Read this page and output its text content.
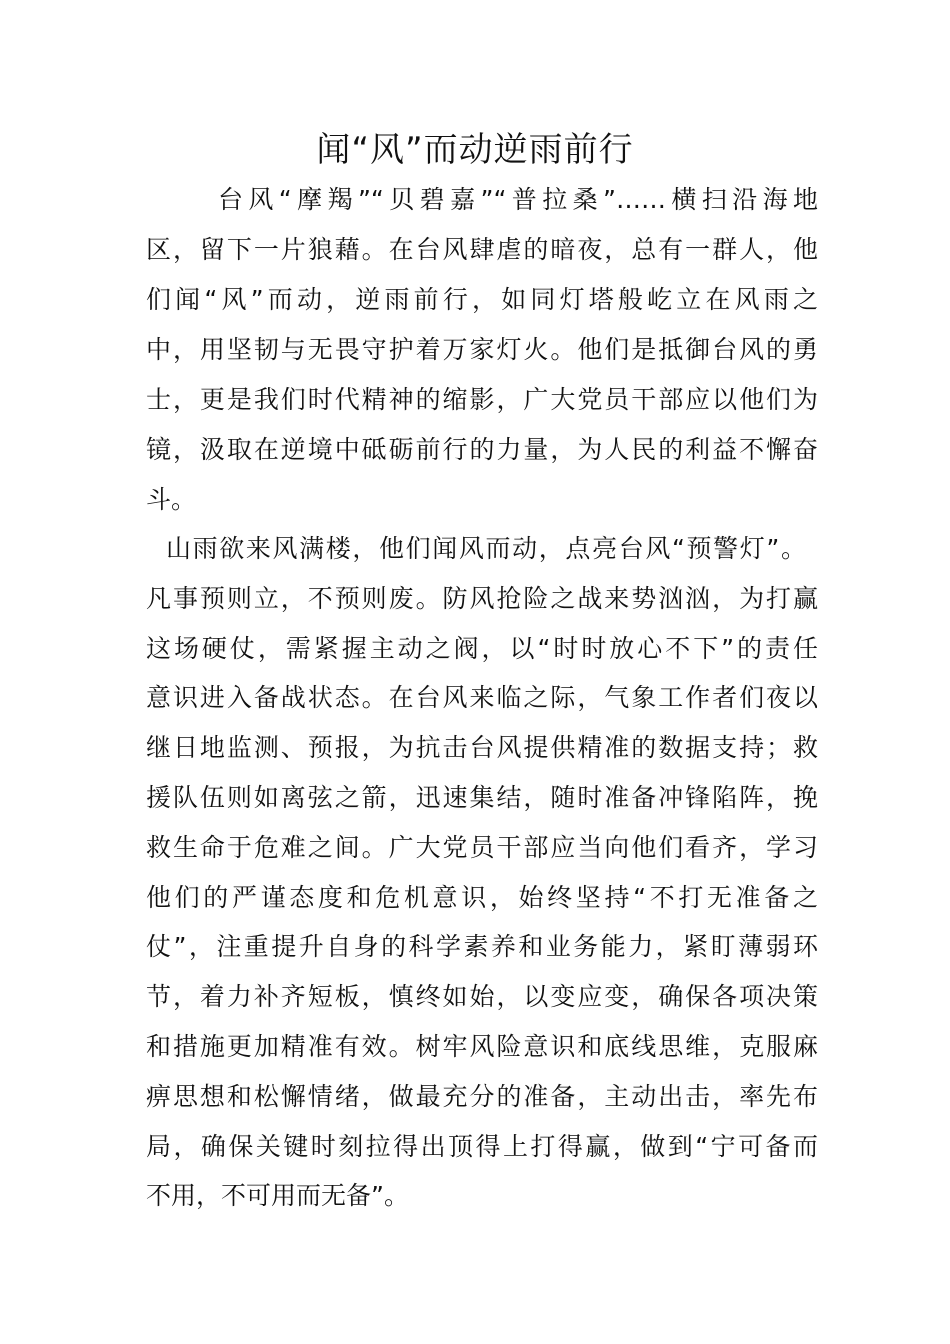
闻“风”而动逆雨前行
台风“摩羯”“贝碧嘉”“普拉桑”……横扫沿海地
区，留下一片狼藉。在台风肆虐的暗夜，总有一群人，他
们闻“风”而动，逆雨前行，如同灯塔般屹立在风雨之
中，用坚韧与无畏守护着万家灯火。他们是抵御台风的勇
士，更是我们时代精神的缩影，广大党员干部应以他们为
镜，汲取在逆境中砥砺前行的力量，为人民的利益不懈奋
斗。
山雨欲来风满楼，他们闻风而动，点亮台风“预警灯”。
凡事预则立，不预则废。防风抢险之战来势汹汹，为打赢
这场硬仗，需紧握主动之阀，以“时时放心不下”的责任
意识进入备战状态。在台风来临之际，气象工作者们夜以
继日地监测、预报，为抗击台风提供精准的数据支持；救
援队伍则如离弦之箭，迅速集结，随时准备冲锋陷阵，挽
救生命于危难之间。广大党员干部应当向他们看齐，学习
他们的严谨态度和危机意识，始终坚持“不打无准备之
仗”，注重提升自身的科学素养和业务能力，紧盯薄弱环
节，着力补齐短板，慎终如始，以变应变，确保各项决策
和措施更加精准有效。树牢风险意识和底线思维，克服麻
痹思想和松懈情绪，做最充分的准备，主动出击，率先布
局，确保关键时刻拉得出顶得上打得赢，做到“宁可备而
不用，不可用而无备”。
